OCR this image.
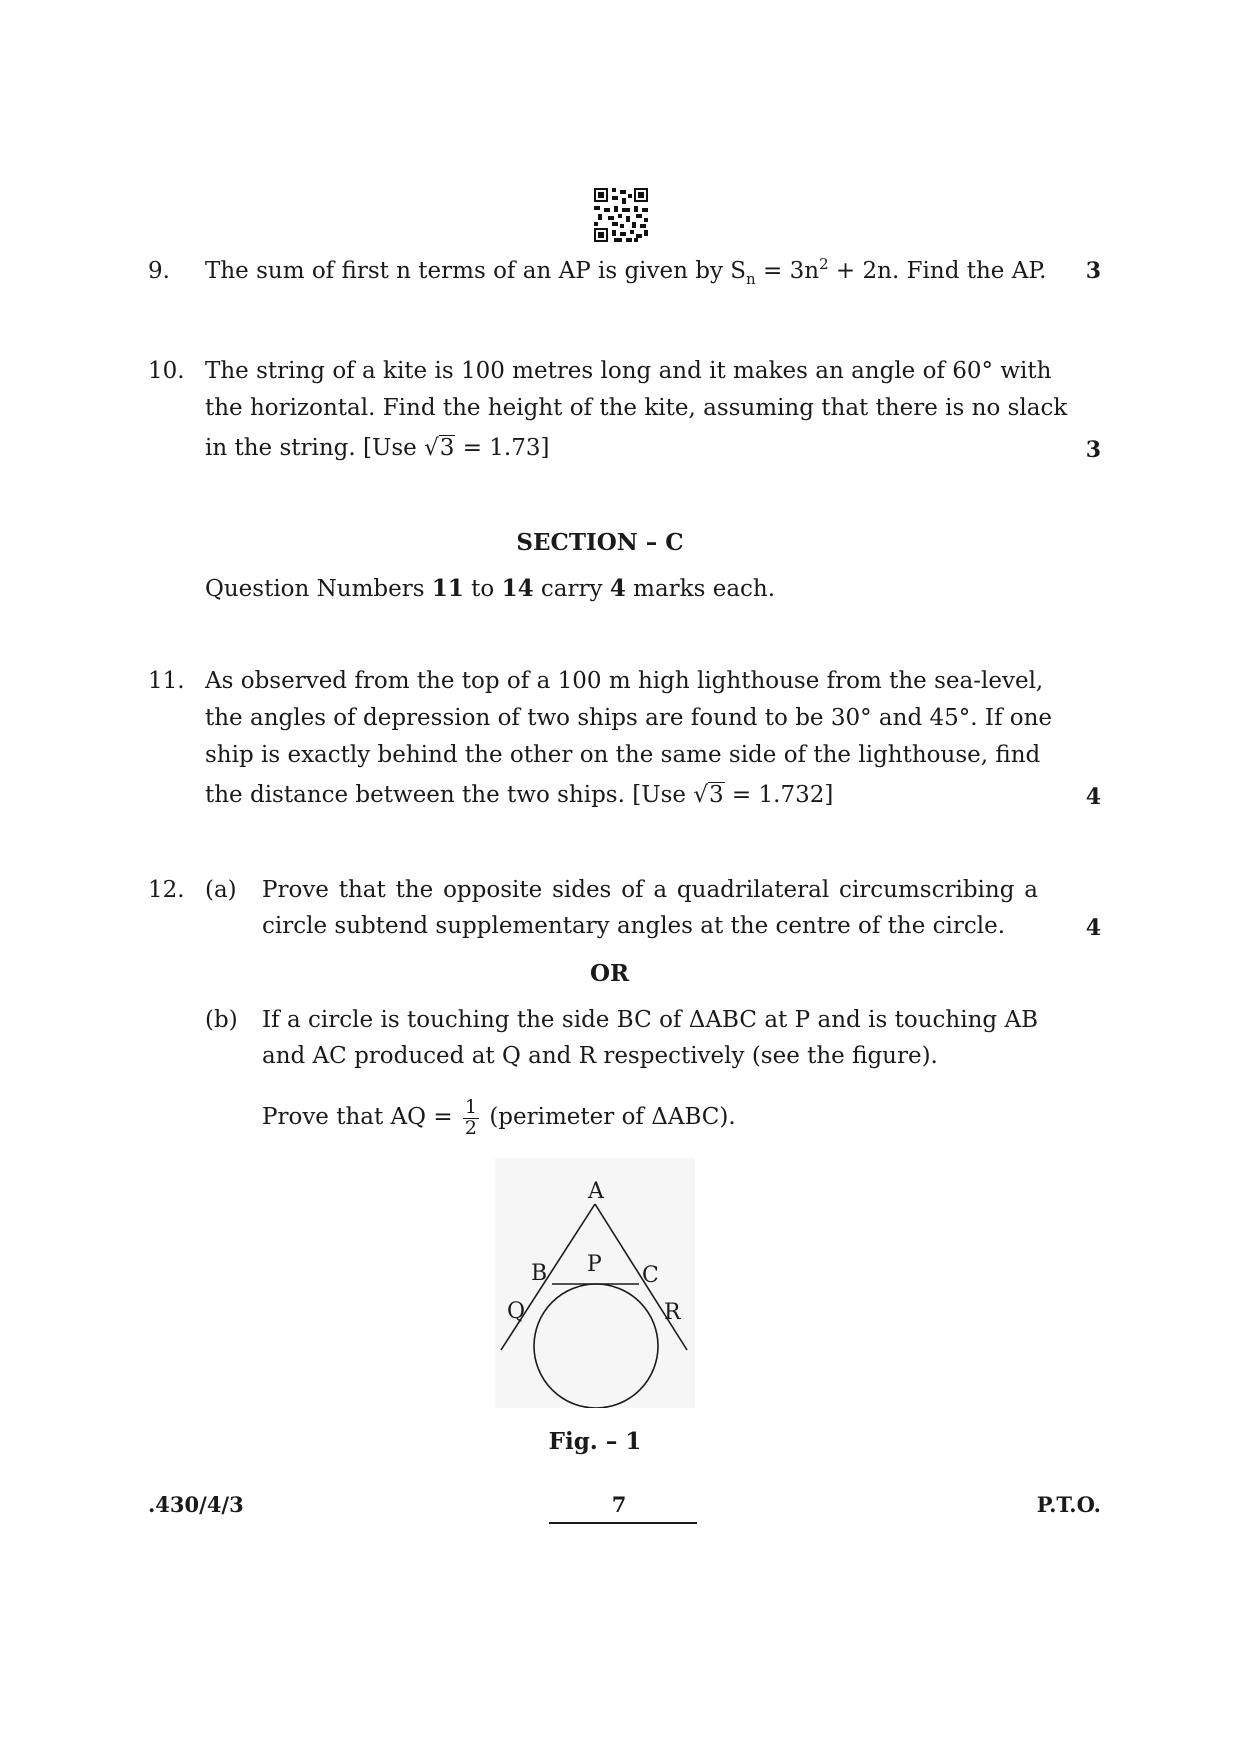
9. The sum of first n terms of an AP is given by $S_n = 3n^2 + 2n$. Find the AP. 3
10. The string of a kite is 100 metres long and it makes an angle of 60° with
the horizontal. Find the height of the kite, assuming that there is no slack
in the string. [Use √3 = 1.73]	3
SECTION – C
Question Numbers 11 to 14 carry 4 marks each.
11. As observed from the top of a 100 m high lighthouse from the sea-level,
the angles of depression of two ships are found to be 30° and 45°. If one
ship is exactly behind the other on the same side of the lighthouse, find
the distance between the two ships. [Use √3 = 1.732]	4
12. (a) Prove that the opposite sides of a quadrilateral circumscribing a
circle subtend supplementary angles at the centre of the circle.	4
OR
(b) If a circle is touching the side BC of ΔABC at P and is touching AB
and AC produced at Q and R respectively (see the figure).
Prove that AQ = $\frac{1}{2}$ (perimeter of ΔABC).
A
B P C
Q	R
Fig. – 1
.430/4/3	7	P.T.O.
